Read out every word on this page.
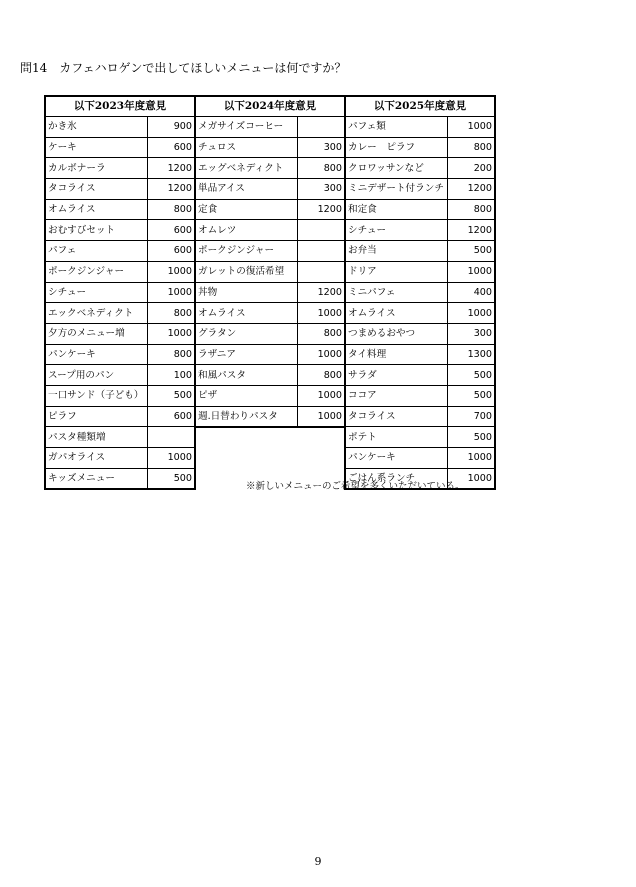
問14　カフェハロゲンで出してほしいメニューは何ですか？
以下2023年度意見	
かき氷	900
ケーキ	600
カルボナーラ	1200
タコライス	1200
オムライス	800
おむすびセット	600
パフェ	600
ポークジンジャー	1000
シチュー	1000
エックベネディクト	800
夕方のメニュー増	1000
パンケーキ	800
スープ用のパン	100
一口サンド（子ども）	500
ピラフ	600
パスタ種類増	
ガパオライス	1000
キッズメニュー	500
以下2024年度意見	
メガサイズコーヒー	
チュロス	300
エッグベネディクト	800
単品アイス	300
定食	1200
オムレツ	
ポークジンジャー	
ガレットの復活希望	
丼物	1200
オムライス	1000
グラタン	800
ラザニア	1000
和風パスタ	800
ピザ	1000
週.日替わりパスタ	1000
以下2025年度意見	
パフェ類	1000
カレー　ピラフ	800
クロワッサンなど	200
ミニデザート付ランチ	1200
和定食	800
シチュー	1200
お弁当	500
ドリア	1000
ミニパフェ	400
オムライス	1000
つまめるおやつ	300
タイ料理	1300
サラダ	500
ココア	500
タコライス	700
ポテト	500
パンケーキ	1000
ごはん系ランチ	1000
※新しいメニューのご希望を多くいただいている。
9
